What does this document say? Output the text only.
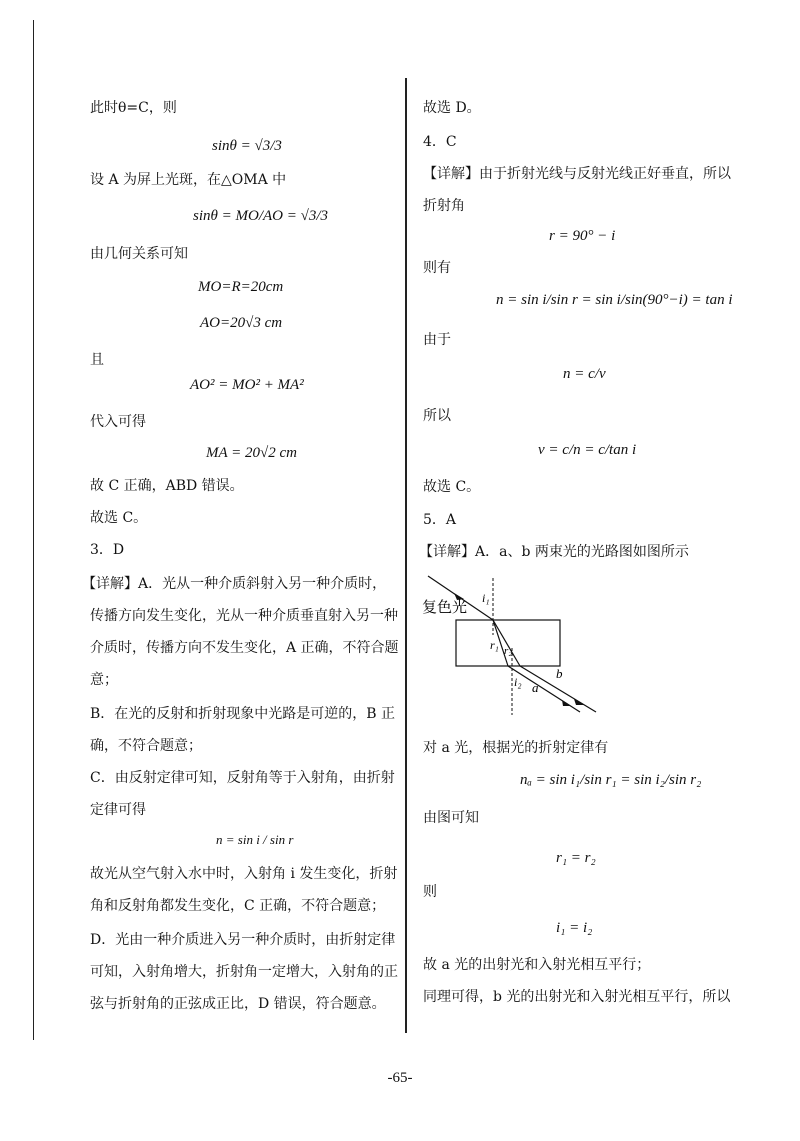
此时θ=C，则
sinθ = √3/3
设 A 为屏上光斑，在△OMA 中
sinθ = MO/AO = √3/3
由几何关系可知
MO=R=20cm
AO=20√3 cm
且
AO² = MO² + MA²
代入可得
MA = 20√2 cm
故 C 正确，ABD 错误。
故选 C。
3．D
【详解】A．光从一种介质斜射入另一种介质时，
传播方向发生变化，光从一种介质垂直射入另一种
介质时，传播方向不发生变化，A 正确，不符合题
意；
B．在光的反射和折射现象中光路是可逆的，B 正
确，不符合题意；
C．由反射定律可知，反射角等于入射角，由折射
定律可得
n = sin i / sin r
故光从空气射入水中时，入射角 i 发生变化，折射
角和反射角都发生变化，C 正确，不符合题意；
D．光由一种介质进入另一种介质时，由折射定律
可知，入射角增大，折射角一定增大，入射角的正
弦与折射角的正弦成正比，D 错误，符合题意。
故选 D。
4．C
【详解】由于折射光线与反射光线正好垂直，所以
折射角
r = 90° − i
则有
n = sin i/sin r = sin i/sin(90°−i) = tan i
由于
n = c/v
所以
v = c/n = c/tan i
故选 C。
5．A
【详解】A．a、b 两束光的光路图如图所示
对 a 光，根据光的折射定律有
nₐ = sin i₁/sin r₁ = sin i₂/sin r₂
由图可知
r₁ = r₂
则
i₁ = i₂
故 a 光的出射光和入射光相互平行；
同理可得，b 光的出射光和入射光相互平行，所以
复色光
i₁
r₁ r₂
i₂ a
b
-65-
